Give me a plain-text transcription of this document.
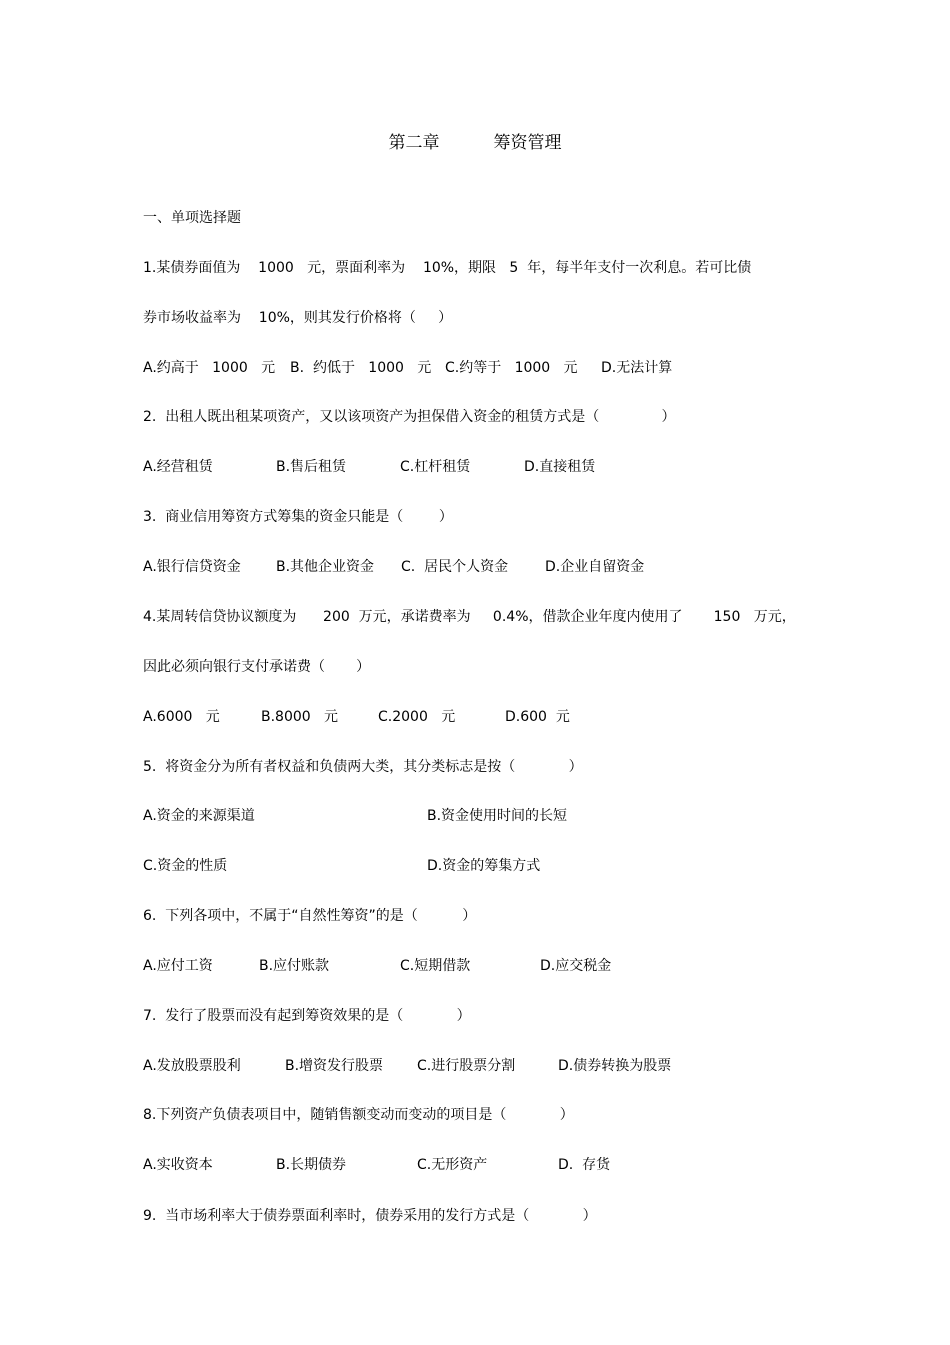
第二章          筹资管理
一、单项选择题
1.某债券面值为    1000   元，票面利率为    10%，期限   5  年，每半年支付一次利息。若可比债
券市场收益率为    10%，则其发行价格将（     ）
A.约高于   1000   元 B.  约低于   1000   元 C.约等于   1000   元 D.无法计算
2.  出租人既出租某项资产，又以该项资产为担保借入资金的租赁方式是（              ）
A.经营租赁	B.售后租赁	C.杠杆租赁	D.直接租赁
3.  商业信用筹资方式筹集的资金只能是（        ）
A.银行信贷资金	B.其他企业资金 C.  居民个人资金	D.企业自留资金
4.某周转信贷协议额度为      200  万元，承诺费率为     0.4%，借款企业年度内使用了       150   万元，
因此必须向银行支付承诺费（       ）
A.6000   元	B.8000   元	C.2000   元	D.600  元
5.  将资金分为所有者权益和负债两大类，其分类标志是按（            ）
A.资金的来源渠道	B.资金使用时间的长短
C.资金的性质	D.资金的筹集方式
6.  下列各项中，不属于“自然性筹资”的是（          ）
A.应付工资	B.应付账款	C.短期借款	D.应交税金
7.  发行了股票而没有起到筹资效果的是（            ）
A.发放股票股利	B.增资发行股票 C.进行股票分割	D.债券转换为股票
8.下列资产负债表项目中，随销售额变动而变动的项目是（            ）
A.实收资本	B.长期债券	C.无形资产	D.  存货
9.  当市场利率大于债券票面利率时，债券采用的发行方式是（            ）
